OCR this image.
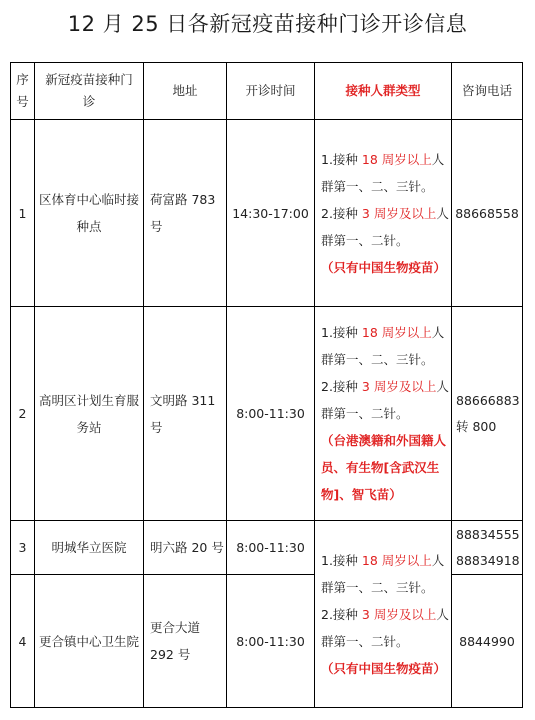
12 月 25 日各新冠疫苗接种门诊开诊信息
序号	新冠疫苗接种门诊	地址	开诊时间	接种人群类型	咨询电话
1	区体育中心临时接种点	荷富路 783 号	14:30-17:00	1.接种 18 周岁以上人群第一、二、三针。
2.接种 3 周岁及以上人群第一、二针。
（只有中国生物疫苗）	88668558
2	高明区计划生育服务站	文明路 311 号	8:00-11:30	1.接种 18 周岁以上人群第一、二、三针。
2.接种 3 周岁及以上人群第一、二针。
（台港澳籍和外国籍人员、有生物[含武汉生物]、智飞苗）	88666883 转 800
3	明城华立医院	明六路 20 号	8:00-11:30	1.接种 18 周岁以上人群第一、二、三针。
2.接种 3 周岁及以上人群第一、二针。
（只有中国生物疫苗）	88834555 88834918
4	更合镇中心卫生院	更合大道 292 号	8:00-11:30		8844990
